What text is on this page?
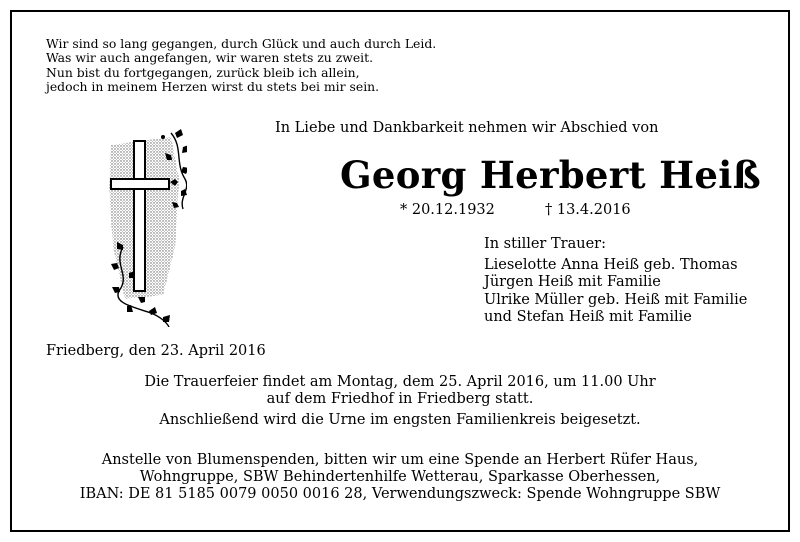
Wir sind so lang gegangen, durch Glück und auch durch Leid.
Was wir auch angefangen, wir waren stets zu zweit.
Nun bist du fortgegangen, zurück bleib ich allein,
jedoch in meinem Herzen wirst du stets bei mir sein.
In Liebe und Dankbarkeit nehmen wir Abschied von
Georg Herbert Heiß
* 20.12.1932	† 13.4.2016
In stiller Trauer:
Lieselotte Anna Heiß geb. Thomas
Jürgen Heiß mit Familie
Ulrike Müller geb. Heiß mit Familie
und Stefan Heiß mit Familie
Friedberg, den 23. April 2016
Die Trauerfeier findet am Montag, dem 25. April 2016, um 11.00 Uhr
auf dem Friedhof in Friedberg statt.
Anschließend wird die Urne im engsten Familienkreis beigesetzt.
Anstelle von Blumenspenden, bitten wir um eine Spende an Herbert Rüfer Haus,
Wohngruppe, SBW Behindertenhilfe Wetterau, Sparkasse Oberhessen,
IBAN: DE 81 5185 0079 0050 0016 28, Verwendungszweck: Spende Wohngruppe SBW
